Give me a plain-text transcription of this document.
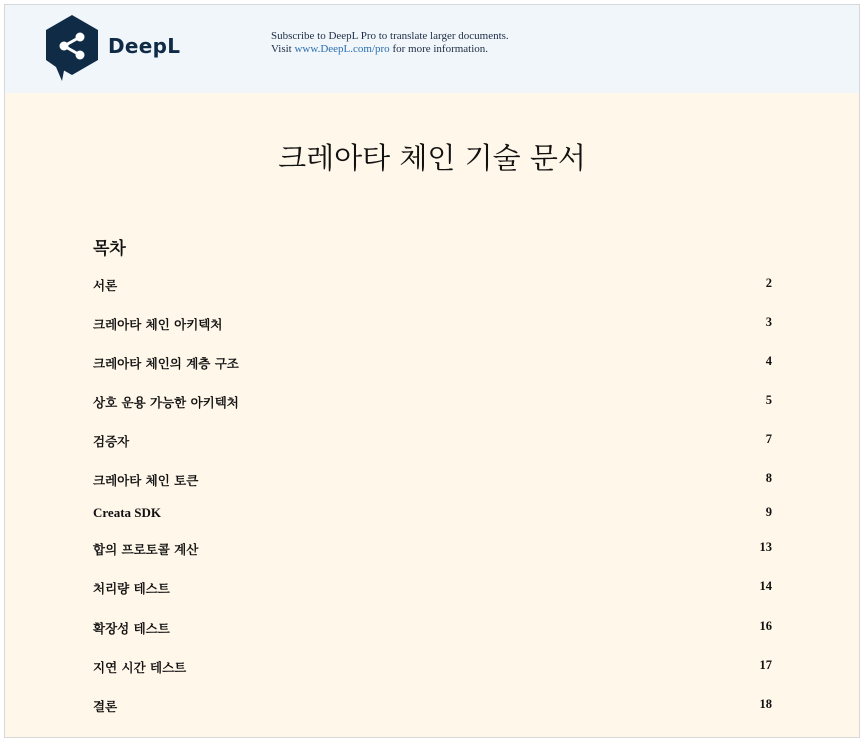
DeepL	Subscribe to DeepL Pro to translate larger documents.
Visit www.DeepL.com/pro for more information.
크레아타 체인 기술 문서
목차
서론	2
크레아타 체인 아키텍처	3
크레아타 체인의 계층 구조	4
상호 운용 가능한 아키텍처	5
검증자	7
크레아타 체인 토큰	8
Creata SDK	9
합의 프로토콜 계산	13
처리량 테스트	14
확장성 테스트	16
지연 시간 테스트	17
결론	18
